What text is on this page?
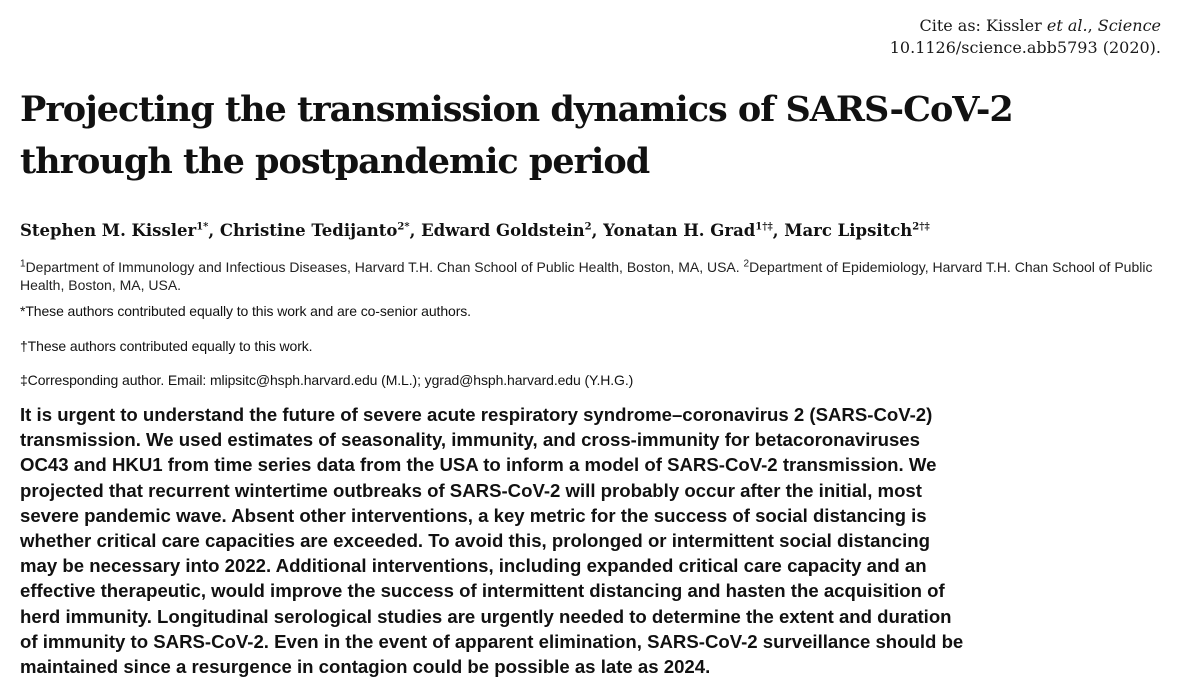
Cite as: Kissler et al., Science
10.1126/science.abb5793 (2020).
Projecting the transmission dynamics of SARS-CoV-2
through the postpandemic period
Stephen M. Kissler$^{1*}$, Christine Tedijanto$^{2*}$, Edward Goldstein$^2$, Yonatan H. Grad$^{1\dagger\ddagger}$, Marc Lipsitch$^{2\dagger\ddagger}$
$^1$Department of Immunology and Infectious Diseases, Harvard T.H. Chan School of Public Health, Boston, MA, USA. $^2$Department of Epidemiology, Harvard T.H. Chan School of Public Health, Boston, MA, USA.
*These authors contributed equally to this work and are co-senior authors.
†These authors contributed equally to this work.
‡Corresponding author. Email: mlipsitc@hsph.harvard.edu (M.L.); ygrad@hsph.harvard.edu (Y.H.G.)

It is urgent to understand the future of severe acute respiratory syndrome–coronavirus 2 (SARS-CoV-2)
transmission. We used estimates of seasonality, immunity, and cross-immunity for betacoronaviruses
OC43 and HKU1 from time series data from the USA to inform a model of SARS-CoV-2 transmission. We
projected that recurrent wintertime outbreaks of SARS-CoV-2 will probably occur after the initial, most
severe pandemic wave. Absent other interventions, a key metric for the success of social distancing is
whether critical care capacities are exceeded. To avoid this, prolonged or intermittent social distancing
may be necessary into 2022. Additional interventions, including expanded critical care capacity and an
effective therapeutic, would improve the success of intermittent distancing and hasten the acquisition of
herd immunity. Longitudinal serological studies are urgently needed to determine the extent and duration
of immunity to SARS-CoV-2. Even in the event of apparent elimination, SARS-CoV-2 surveillance should be
maintained since a resurgence in contagion could be possible as late as 2024.
